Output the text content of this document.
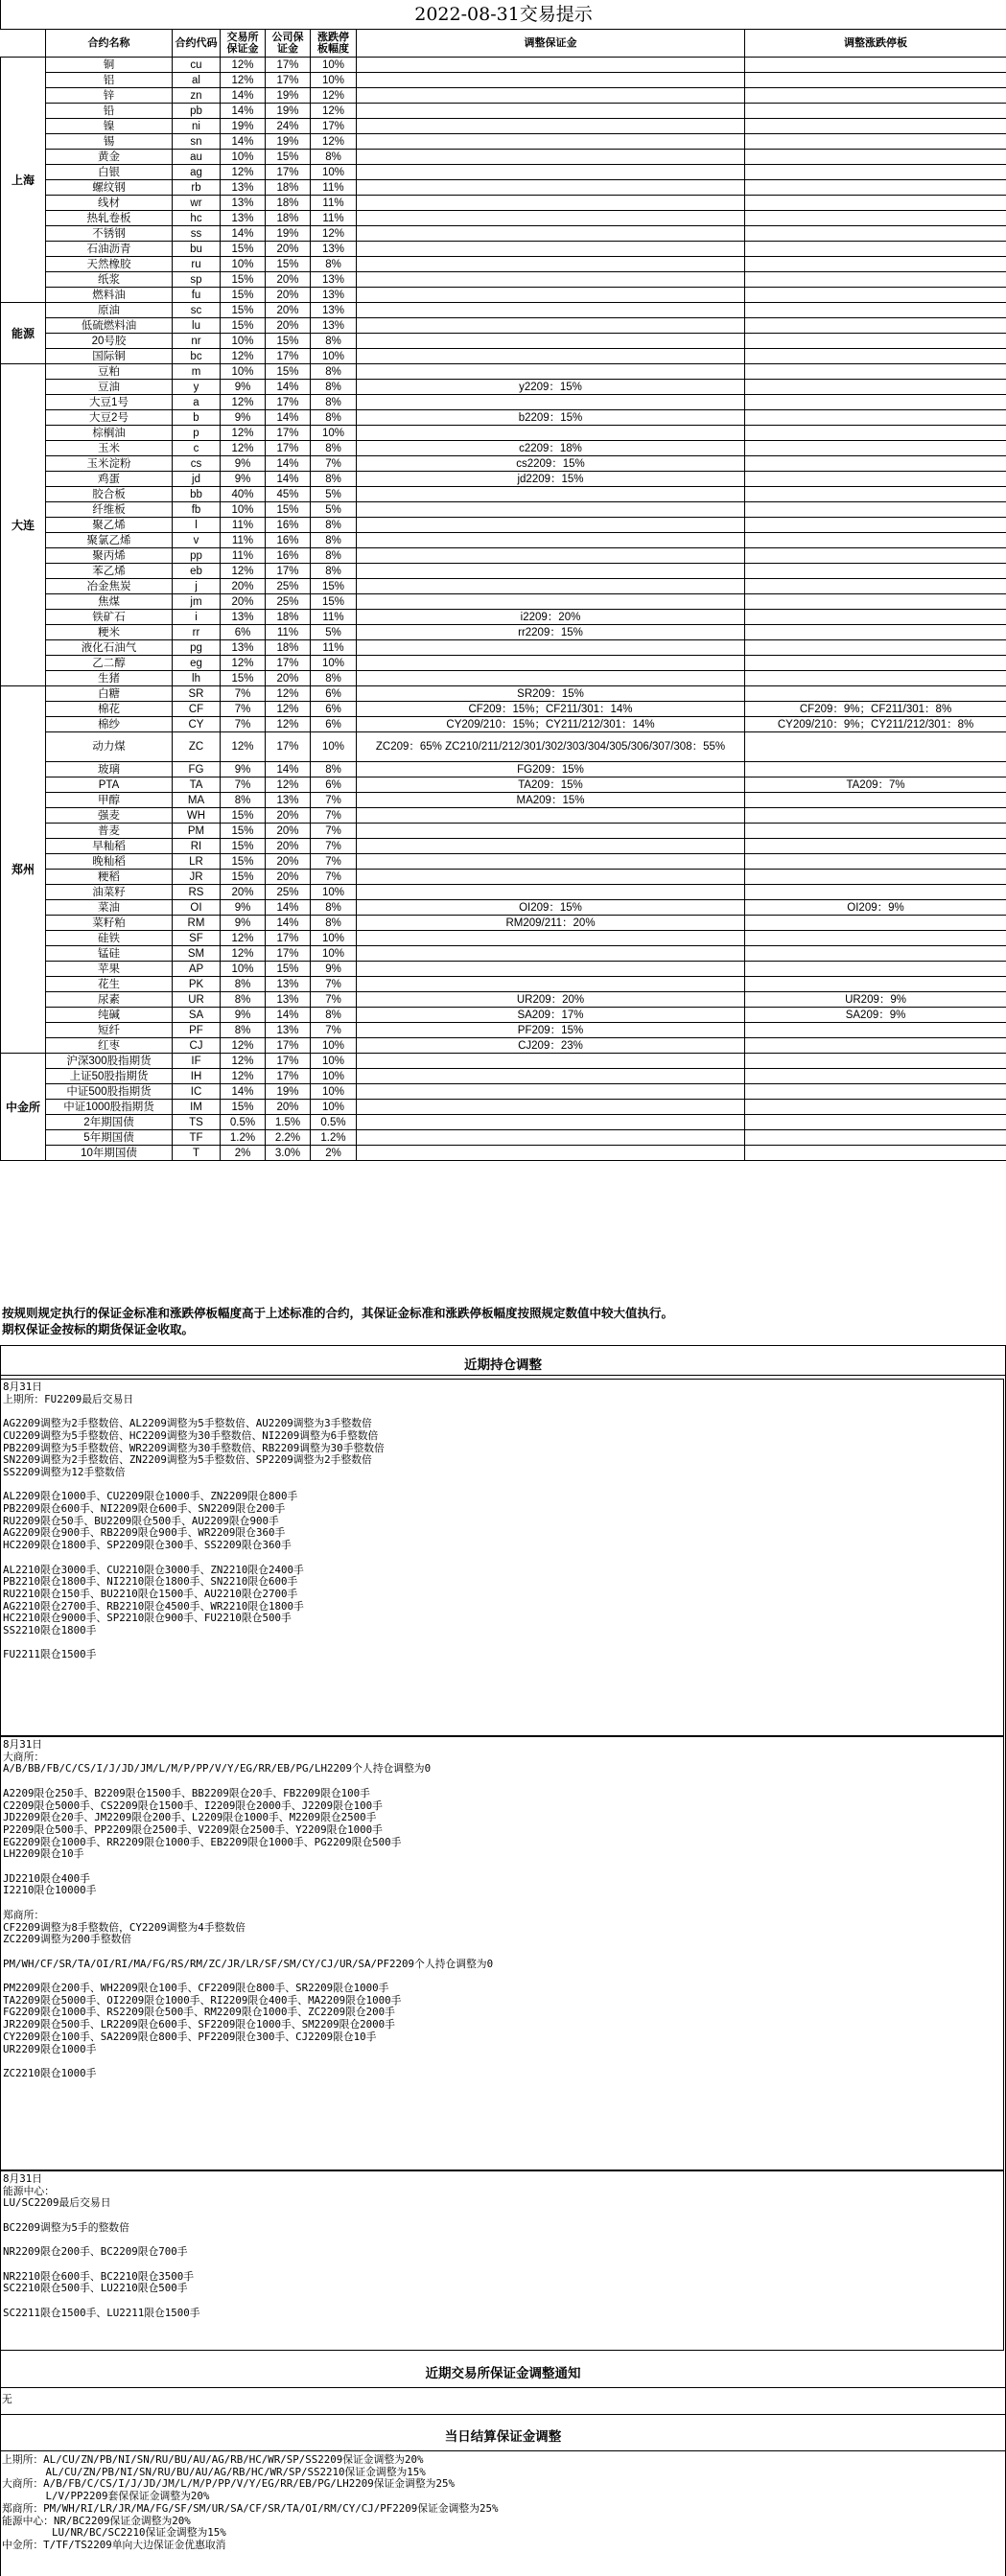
2022-08-31交易提示							
	合约名称	合约代码	交易所保证金	公司保证金	涨跌停板幅度	调整保证金	调整涨跌停板
上海	铜	cu	12%	17%	10%		
	铝	al	12%	17%	10%		
	锌	zn	14%	19%	12%		
	铅	pb	14%	19%	12%		
	镍	ni	19%	24%	17%		
	锡	sn	14%	19%	12%		
	黄金	au	10%	15%	8%		
	白银	ag	12%	17%	10%		
	螺纹钢	rb	13%	18%	11%		
	线材	wr	13%	18%	11%		
	热轧卷板	hc	13%	18%	11%		
	不锈钢	ss	14%	19%	12%		
	石油沥青	bu	15%	20%	13%		
	天然橡胶	ru	10%	15%	8%		
	纸浆	sp	15%	20%	13%		
	燃料油	fu	15%	20%	13%		
能源	原油	sc	15%	20%	13%		
	低硫燃料油	lu	15%	20%	13%		
	20号胶	nr	10%	15%	8%		
	国际铜	bc	12%	17%	10%		
大连	豆粕	m	10%	15%	8%		
	豆油	y	9%	14%	8%	y2209：15%	
	大豆1号	a	12%	17%	8%		
	大豆2号	b	9%	14%	8%	b2209：15%	
	棕榈油	p	12%	17%	10%		
	玉米	c	12%	17%	8%	c2209：18%	
	玉米淀粉	cs	9%	14%	7%	cs2209：15%	
	鸡蛋	jd	9%	14%	8%	jd2209：15%	
	胶合板	bb	40%	45%	5%		
	纤维板	fb	10%	15%	5%		
	聚乙烯	l	11%	16%	8%		
	聚氯乙烯	v	11%	16%	8%		
	聚丙烯	pp	11%	16%	8%		
	苯乙烯	eb	12%	17%	8%		
	冶金焦炭	j	20%	25%	15%		
	焦煤	jm	20%	25%	15%		
	铁矿石	i	13%	18%	11%	i2209：20%	
	粳米	rr	6%	11%	5%	rr2209：15%	
	液化石油气	pg	13%	18%	11%		
	乙二醇	eg	12%	17%	10%		
	生猪	lh	15%	20%	8%		
郑州	白糖	SR	7%	12%	6%	SR209：15%	
	棉花	CF	7%	12%	6%	CF209：15%；CF211/301：14%	CF209：9%；CF211/301：8%
	棉纱	CY	7%	12%	6%	CY209/210：15%；CY211/212/301：14%	CY209/210：9%；CY211/212/301：8%
	动力煤	ZC	12%	17%	10%	ZC209：65% ZC210/211/212/301/302/303/304/305/306/307/308：55%	
	玻璃	FG	9%	14%	8%	FG209：15%	
	PTA	TA	7%	12%	6%	TA209：15%	TA209：7%
	甲醇	MA	8%	13%	7%	MA209：15%	
	强麦	WH	15%	20%	7%		
	普麦	PM	15%	20%	7%		
	早籼稻	RI	15%	20%	7%		
	晚籼稻	LR	15%	20%	7%		
	粳稻	JR	15%	20%	7%		
	油菜籽	RS	20%	25%	10%		
	菜油	OI	9%	14%	8%	OI209：15%	OI209：9%
	菜籽粕	RM	9%	14%	8%	RM209/211：20%	
	硅铁	SF	12%	17%	10%		
	锰硅	SM	12%	17%	10%		
	苹果	AP	10%	15%	9%		
	花生	PK	8%	13%	7%		
	尿素	UR	8%	13%	7%	UR209：20%	UR209：9%
	纯碱	SA	9%	14%	8%	SA209：17%	SA209：9%
	短纤	PF	8%	13%	7%	PF209：15%	
	红枣	CJ	12%	17%	10%	CJ209：23%	
中金所	沪深300股指期货	IF	12%	17%	10%		
	上证50股指期货	IH	12%	17%	10%		
	中证500股指期货	IC	14%	19%	10%		
	中证1000股指期货	IM	15%	20%	10%		
	2年期国债	TS	0.5%	1.5%	0.5%		
	5年期国债	TF	1.2%	2.2%	1.2%		
	10年期国债	T	2%	3.0%	2%		
按规则规定执行的保证金标准和涨跌停板幅度高于上述标准的合约，其保证金标准和涨跌停板幅度按照规定数值中较大值执行。
期权保证金按标的期货保证金收取。
近期持仓调整
8月31日
上期所：FU2209最后交易日

AG2209调整为2手整数倍、AL2209调整为5手整数倍、AU2209调整为3手整数倍
CU2209调整为5手整数倍、HC2209调整为30手整数倍、NI2209调整为6手整数倍
PB2209调整为5手整数倍、WR2209调整为30手整数倍、RB2209调整为30手整数倍
SN2209调整为2手整数倍、ZN2209调整为5手整数倍、SP2209调整为2手整数倍
SS2209调整为12手整数倍

AL2209限仓1000手、CU2209限仓1000手、ZN2209限仓800手
PB2209限仓600手、NI2209限仓600手、SN2209限仓200手
RU2209限仓50手、BU2209限仓500手、AU2209限仓900手
AG2209限仓900手、RB2209限仓900手、WR2209限仓360手
HC2209限仓1800手、SP2209限仓300手、SS2209限仓360手

AL2210限仓3000手、CU2210限仓3000手、ZN2210限仓2400手
PB2210限仓1800手、NI2210限仓1800手、SN2210限仓600手
RU2210限仓150手、BU2210限仓1500手、AU2210限仓2700手
AG2210限仓2700手、RB2210限仓4500手、WR2210限仓1800手
HC2210限仓9000手、SP2210限仓900手、FU2210限仓500手
SS2210限仓1800手

FU2211限仓1500手
8月31日
大商所：
A/B/BB/FB/C/CS/I/J/JD/JM/L/M/P/PP/V/Y/EG/RR/EB/PG/LH2209个人持仓调整为0

A2209限仓250手、B2209限仓1500手、BB2209限仓20手、FB2209限仓100手
C2209限仓5000手、CS2209限仓1500手、I2209限仓2000手、J2209限仓100手
JD2209限仓20手、JM2209限仓200手、L2209限仓1000手、M2209限仓2500手
P2209限仓500手、PP2209限仓2500手、V2209限仓2500手、Y2209限仓1000手
EG2209限仓1000手、RR2209限仓1000手、EB2209限仓1000手、PG2209限仓500手
LH2209限仓10手

JD2210限仓400手
I2210限仓10000手

郑商所：
CF2209调整为8手整数倍，CY2209调整为4手整数倍
ZC2209调整为200手整数倍

PM/WH/CF/SR/TA/OI/RI/MA/FG/RS/RM/ZC/JR/LR/SF/SM/CY/CJ/UR/SA/PF2209个人持仓调整为0

PM2209限仓200手、WH2209限仓100手、CF2209限仓800手、SR2209限仓1000手
TA2209限仓5000手、OI2209限仓1000手、RI2209限仓400手、MA2209限仓1000手
FG2209限仓1000手、RS2209限仓500手、RM2209限仓1000手、ZC2209限仓200手
JR2209限仓500手、LR2209限仓600手、SF2209限仓1000手、SM2209限仓2000手
CY2209限仓100手、SA2209限仓800手、PF2209限仓300手、CJ2209限仓10手
UR2209限仓1000手

ZC2210限仓1000手
8月31日
能源中心：
LU/SC2209最后交易日

BC2209调整为5手的整数倍

NR2209限仓200手、BC2209限仓700手

NR2210限仓600手、BC2210限仓3500手
SC2210限仓500手、LU2210限仓500手

SC2211限仓1500手、LU2211限仓1500手
近期交易所保证金调整通知
无
当日结算保证金调整
上期所：AL/CU/ZN/PB/NI/SN/RU/BU/AU/AG/RB/HC/WR/SP/SS2209保证金调整为20%
AL/CU/ZN/PB/NI/SN/RU/BU/AU/AG/RB/HC/WR/SP/SS2210保证金调整为15%
大商所：A/B/FB/C/CS/I/J/JD/JM/L/M/P/PP/V/Y/EG/RR/EB/PG/LH2209保证金调整为25%
L/V/PP2209套保保证金调整为20%
郑商所：PM/WH/RI/LR/JR/MA/FG/SF/SM/UR/SA/CF/SR/TA/OI/RM/CY/CJ/PF2209保证金调整为25%
能源中心：NR/BC2209保证金调整为20%
LU/NR/BC/SC2210保证金调整为15%
中金所：T/TF/TS2209单向大边保证金优惠取消
